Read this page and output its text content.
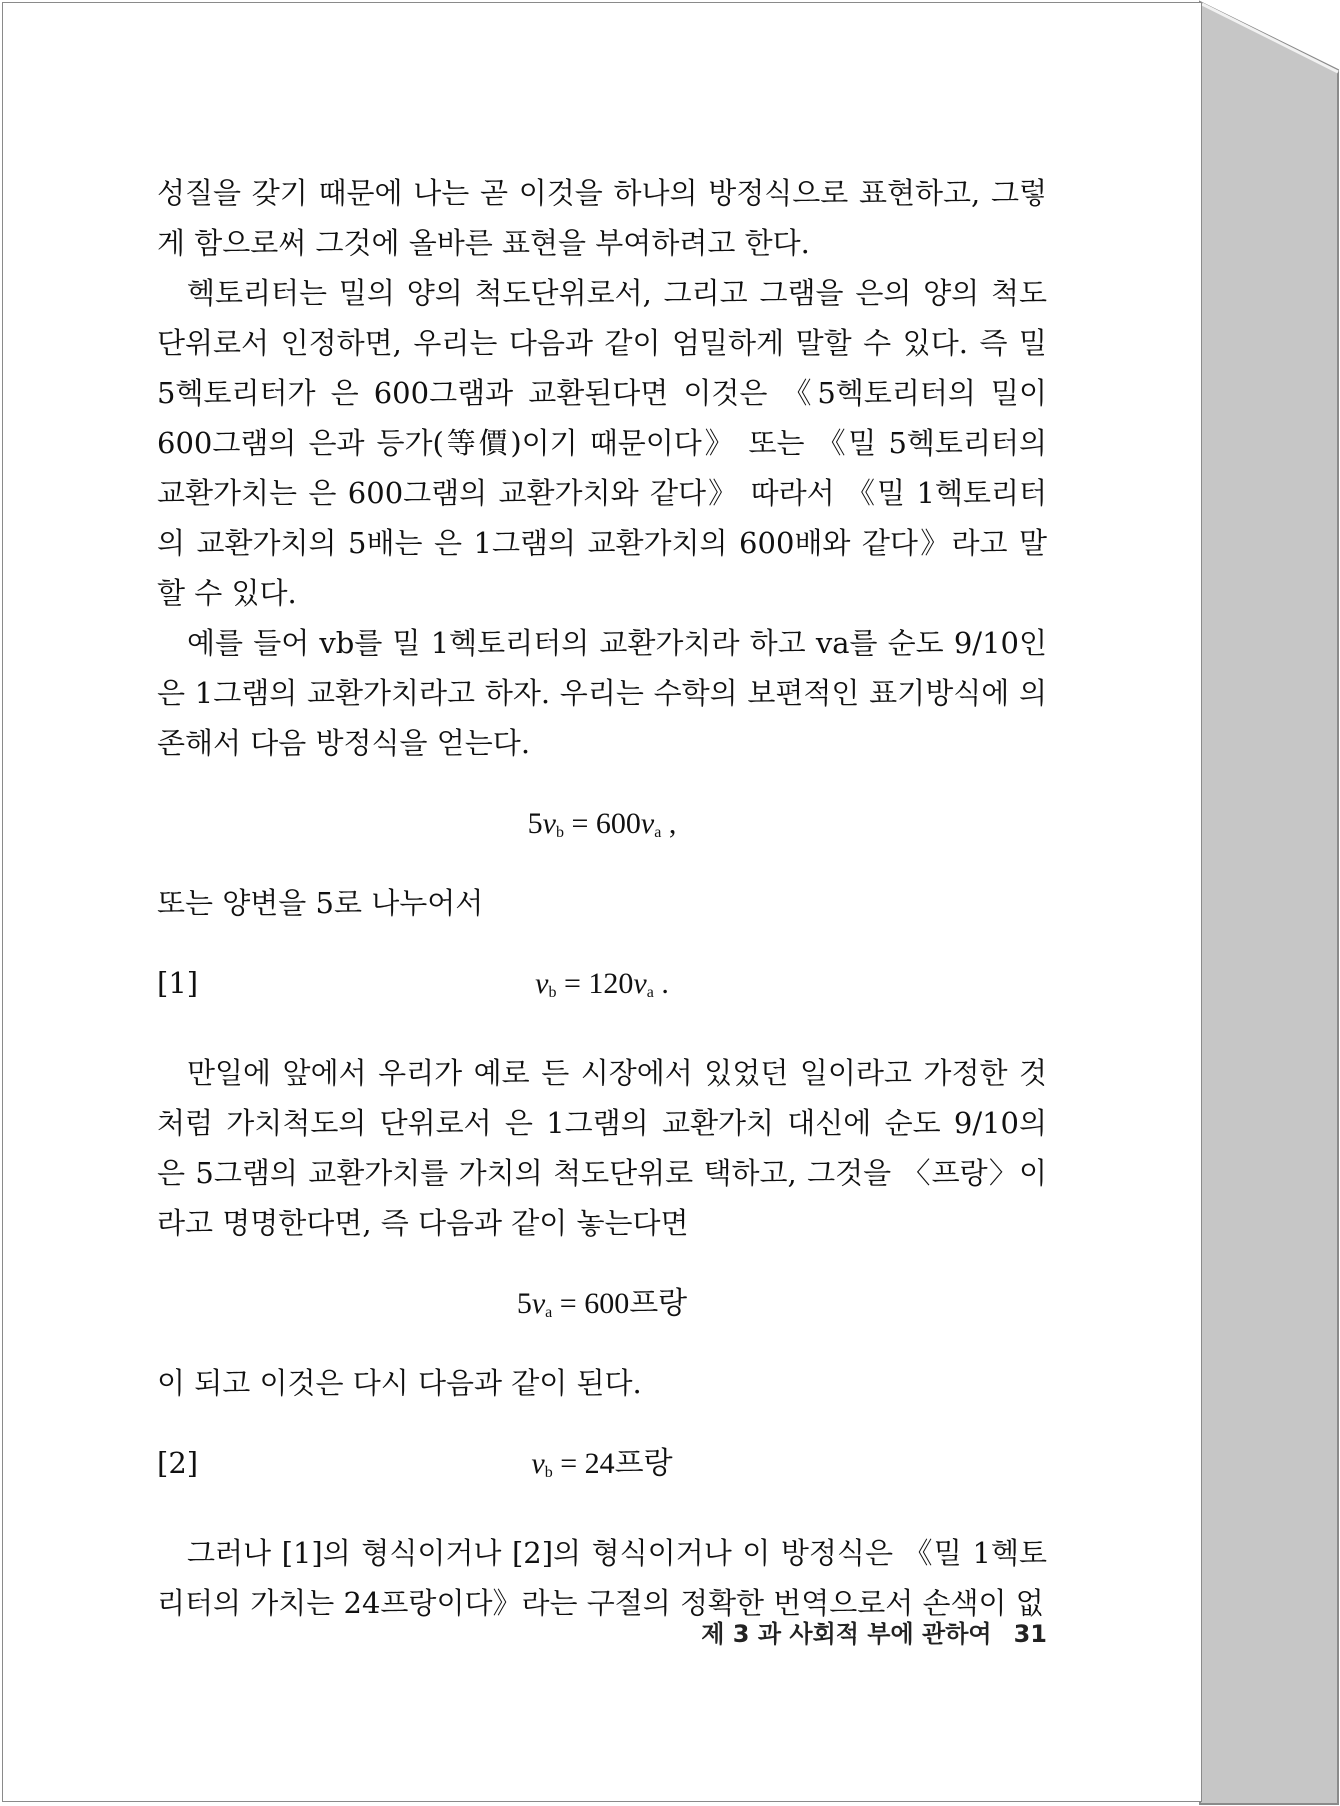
성질을 갖기 때문에 나는 곧 이것을 하나의 방정식으로 표현하고, 그렇게 함으로써 그것에 올바른 표현을 부여하려고 한다.

헥토리터는 밀의 양의 척도단위로서, 그리고 그램을 은의 양의 척도단위로서 인정하면, 우리는 다음과 같이 엄밀하게 말할 수 있다. 즉 밀 5헥토리터가 은 600그램과 교환된다면 이것은 《5헥토리터의 밀이 600그램의 은과 등가(等價)이기 때문이다》 또는 《밀 5헥토리터의 교환가치는 은 600그램의 교환가치와 같다》 따라서 《밀 1헥토리터의 교환가치의 5배는 은 1그램의 교환가치의 600배와 같다》라고 말할 수 있다.

예를 들어 vb를 밀 1헥토리터의 교환가치라 하고 va를 순도 9/10인 은 1그램의 교환가치라고 하자. 우리는 수학의 보편적인 표기방식에 의존해서 다음 방정식을 얻는다.

$5v_b = 600v_a$ ,

또는 양변을 5로 나누어서

[1]	$v_b = 120v_a$ .

만일에 앞에서 우리가 예로 든 시장에서 있었던 일이라고 가정한 것처럼 가치척도의 단위로서 은 1그램의 교환가치 대신에 순도 9/10의 은 5그램의 교환가치를 가치의 척도단위로 택하고, 그것을 〈프랑〉이라고 명명한다면, 즉 다음과 같이 놓는다면

$5v_a = 600$프랑

이 되고 이것은 다시 다음과 같이 된다.

[2]	$v_b = 24$프랑

그러나 [1]의 형식이거나 [2]의 형식이거나 이 방정식은 《밀 1헥토리터의 가치는 24프랑이다》라는 구절의 정확한 번역으로서 손색이 없

제 3 과 사회적 부에 관하여 31
